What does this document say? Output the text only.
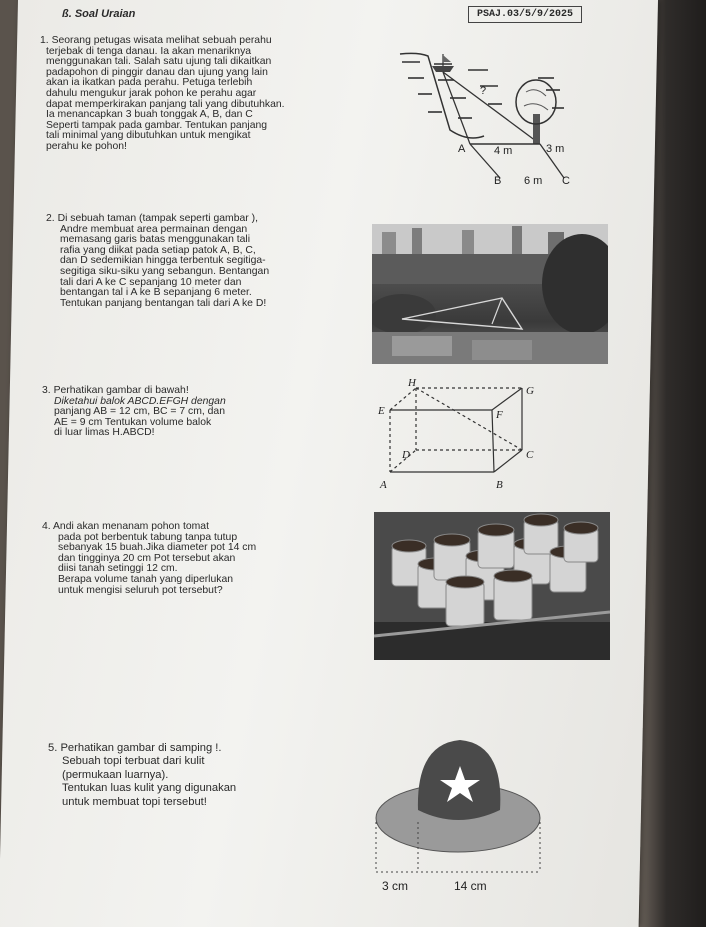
ß. Soal Uraian	PSAJ.03/5/9/2025

1. Seorang petugas wisata melihat sebuah perahu

terjebak di tenga danau. Ia akan menariknya

menggunakan tali. Salah satu ujung tali dikaitkan

padapohon di pinggir danau dan ujung yang lain

akan ia ikatkan pada perahu. Petuga terlebih

dahulu mengukur jarak pohon ke perahu agar

dapat memperkirakan panjang tali yang dibutuhkan.

Ia menancapkan 3 buah tonggak A, B, dan C

Seperti tampak pada gambar. Tentukan panjang

tali minimal yang dibutuhkan untuk mengikat

perahu ke pohon!

?
A	4 m	3 m
B 6 m C

2. Di sebuah taman (tampak seperti gambar ),

Andre membuat area permainan dengan

memasang garis batas menggunakan tali

rafia yang diikat pada setiap patok A, B, C,

dan D sedemikian hingga terbentuk segitiga-

segitiga siku-siku yang sebangun. Bentangan

tali dari A ke C sepanjang 10 meter dan

bentangan tal i A ke B sepanjang 6 meter.

Tentukan panjang bentangan tali dari A ke D!

3. Perhatikan gambar di bawah!

Diketahui balok ABCD.EFGH dengan

panjang AB = 12 cm, BC = 7 cm, dan

AE = 9 cm Tentukan volume balok

di luar limas H.ABCD!

A	B
C
D
E	F
G
H

4. Andi akan menanam pohon tomat

pada pot berbentuk tabung tanpa tutup

sebanyak 15 buah.Jika diameter pot 14 cm

dan tingginya 20 cm Pot tersebut akan

diisi tanah setinggi 12 cm.

Berapa volume tanah yang diperlukan

untuk mengisi seluruh pot tersebut?

5. Perhatikan gambar di samping !.

Sebuah topi terbuat dari kulit

(permukaan luarnya).

Tentukan luas kulit yang digunakan

untuk membuat topi tersebut!

3 cm	14 cm
